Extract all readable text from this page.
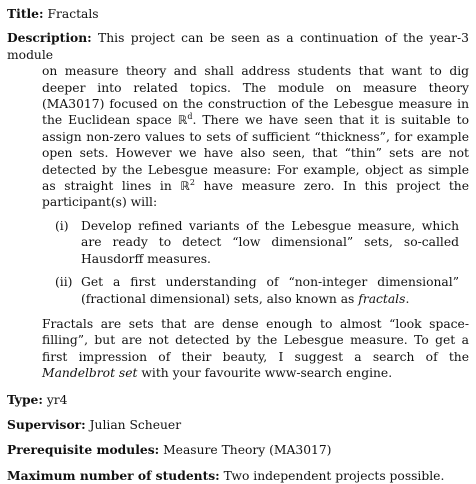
Title: Fractals

Description: This project can be seen as a continuation of the year-3 module

on measure theory and shall address students that want to dig deeper into related topics. The module on measure theory (MA3017) focused on the construction of the Lebesgue measure in the Euclidean space ℝ$^d$. There we have seen that it is suitable to assign non-zero values to sets of sufficient “thickness”, for example open sets. However we have also seen, that “thin” sets are not detected by the Lebesgue measure: For example, object as simple as straight lines in ℝ$^2$ have measure zero. In this project the participant(s) will:

(i) Develop refined variants of the Lebesgue measure, which are ready to detect “low dimensional” sets, so-called Hausdorff measures.
(ii) Get a first understanding of “non-integer dimensional” (fractional dimensional) sets, also known as fractals.

Fractals are sets that are dense enough to almost “look space-filling”, but are not detected by the Lebesgue measure. To get a first impression of their beauty, I suggest a search of the Mandelbrot set with your favourite www-search engine.

Type: yr4

Supervisor: Julian Scheuer

Prerequisite modules: Measure Theory (MA3017)

Maximum number of students: Two independent projects possible.
